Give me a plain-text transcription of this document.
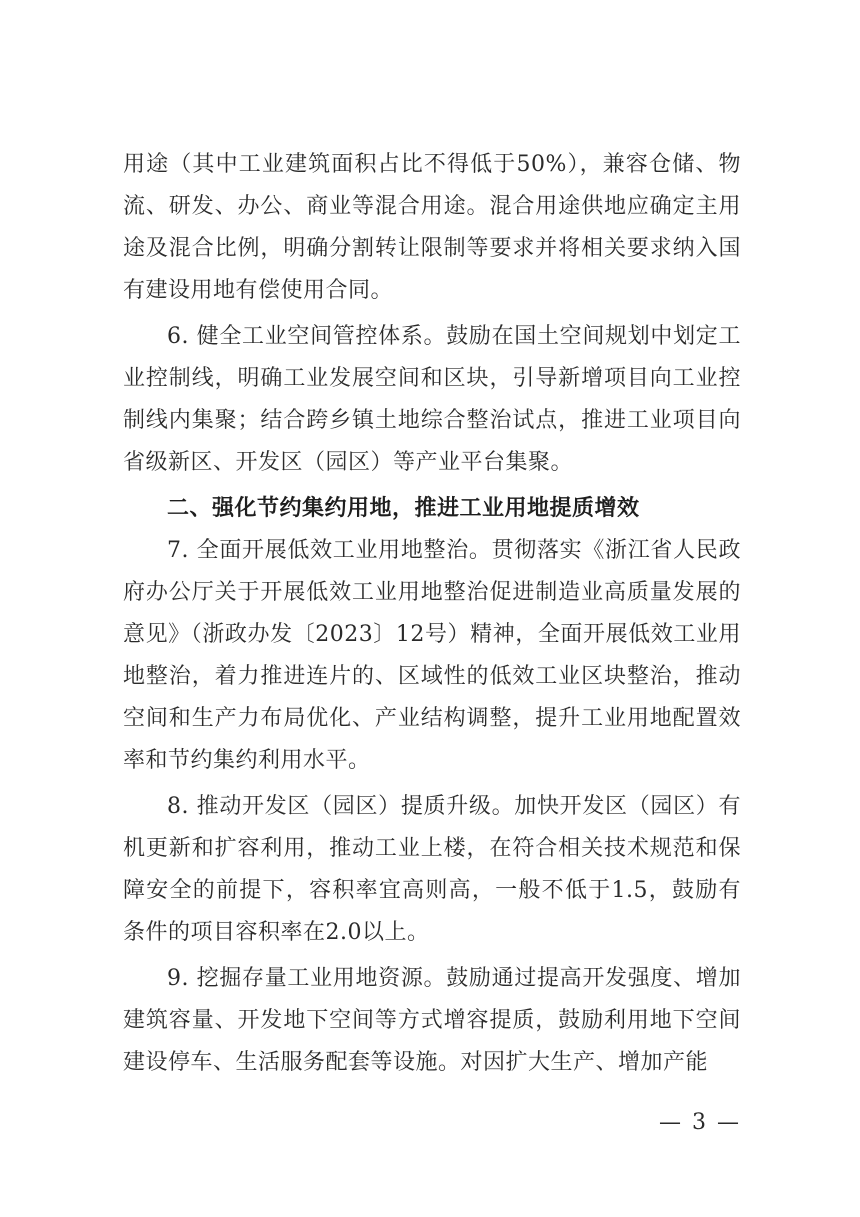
用途（其中工业建筑面积占比不得低于50%），兼容仓储、物流、研发、办公、商业等混合用途。混合用途供地应确定主用途及混合比例，明确分割转让限制等要求并将相关要求纳入国有建设用地有偿使用合同。

6. 健全工业空间管控体系。鼓励在国土空间规划中划定工业控制线，明确工业发展空间和区块，引导新增项目向工业控制线内集聚；结合跨乡镇土地综合整治试点，推进工业项目向省级新区、开发区（园区）等产业平台集聚。

二、强化节约集约用地，推进工业用地提质增效

7. 全面开展低效工业用地整治。贯彻落实《浙江省人民政府办公厅关于开展低效工业用地整治促进制造业高质量发展的意见》（浙政办发〔2023〕12号）精神，全面开展低效工业用地整治，着力推进连片的、区域性的低效工业区块整治，推动空间和生产力布局优化、产业结构调整，提升工业用地配置效率和节约集约利用水平。

8. 推动开发区（园区）提质升级。加快开发区（园区）有机更新和扩容利用，推动工业上楼，在符合相关技术规范和保障安全的前提下，容积率宜高则高，一般不低于1.5，鼓励有条件的项目容积率在2.0以上。

9. 挖掘存量工业用地资源。鼓励通过提高开发强度、增加建筑容量、开发地下空间等方式增容提质，鼓励利用地下空间建设停车、生活服务配套等设施。对因扩大生产、增加产能

— 3 —
